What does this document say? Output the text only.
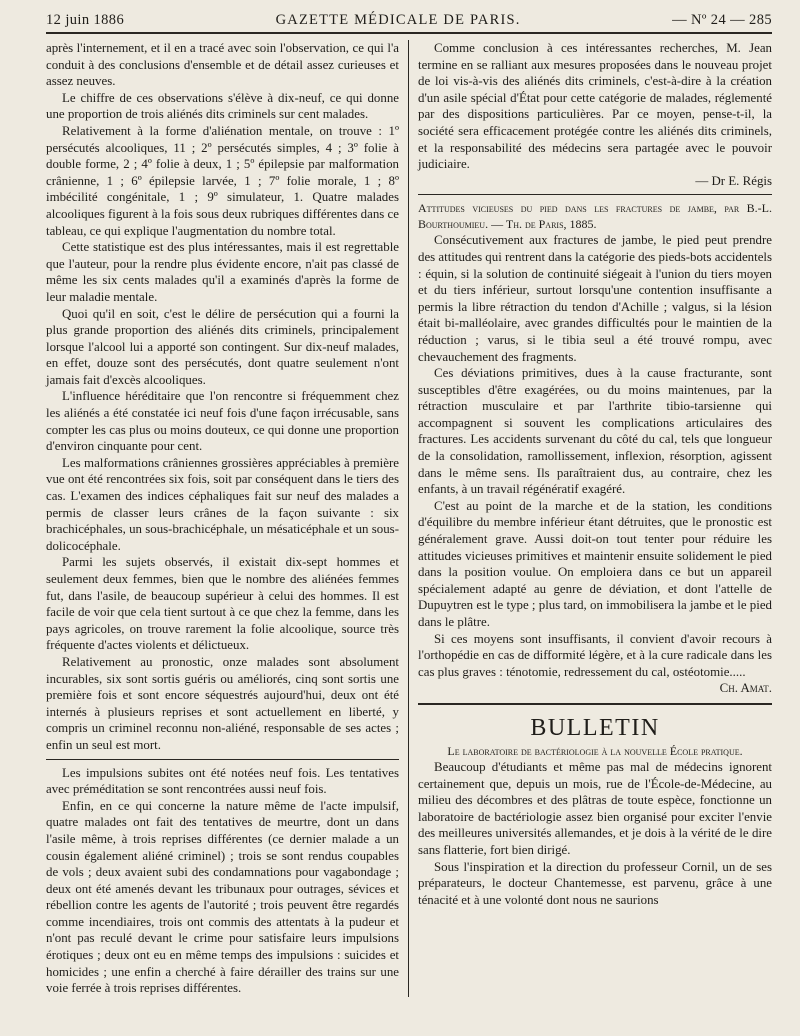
12 juin 1886	GAZETTE MÉDICALE DE PARIS.	— Nº 24 — 285

après l'internement, et il en a tracé avec soin l'observation, ce qui l'a conduit à des conclusions d'ensemble et de détail assez curieuses et assez neuves.

Le chiffre de ces observations s'élève à dix-neuf, ce qui donne une proportion de trois aliénés dits criminels sur cent malades.

Relativement à la forme d'aliénation mentale, on trouve : 1º persécutés alcooliques, 11 ; 2º persécutés simples, 4 ; 3º folie à double forme, 2 ; 4º folie à deux, 1 ; 5º épilepsie par malformation crânienne, 1 ; 6º épilepsie larvée, 1 ; 7º folie morale, 1 ; 8º imbécilité congénitale, 1 ; 9º simulateur, 1. Quatre malades alcooliques figurent à la fois sous deux rubriques différentes dans ce tableau, ce qui explique l'augmentation du nombre total.

Cette statistique est des plus intéressantes, mais il est regrettable que l'auteur, pour la rendre plus évidente encore, n'ait pas classé de même les six cents malades qu'il a examinés d'après la forme de leur maladie mentale.

Quoi qu'il en soit, c'est le délire de persécution qui a fourni la plus grande proportion des aliénés dits criminels, principalement lorsque l'alcool lui a apporté son contingent. Sur dix-neuf malades, en effet, douze sont des persécutés, dont quatre seulement n'ont jamais fait d'excès alcooliques.

L'influence héréditaire que l'on rencontre si fréquemment chez les aliénés a été constatée ici neuf fois d'une façon irrécusable, sans compter les cas plus ou moins douteux, ce qui donne une proportion d'environ cinquante pour cent.

Les malformations crâniennes grossières appréciables à première vue ont été rencontrées six fois, soit par conséquent dans le tiers des cas. L'examen des indices céphaliques fait sur neuf des malades a permis de classer leurs crânes de la façon suivante : six brachicéphales, un sous-brachicéphale, un mésaticéphale et un sous-dolicocéphale.

Parmi les sujets observés, il existait dix-sept hommes et seulement deux femmes, bien que le nombre des aliénées femmes fut, dans l'asile, de beaucoup supérieur à celui des hommes. Il est facile de voir que cela tient surtout à ce que chez la femme, dans les pays agricoles, on trouve rarement la folie alcoolique, source très fréquente d'actes violents et délictueux.

Relativement au pronostic, onze malades sont absolument incurables, six sont sortis guéris ou améliorés, cinq sont sortis une première fois et sont encore séquestrés aujourd'hui, deux ont été internés à plusieurs reprises et sont actuellement en liberté, y compris un criminel reconnu non-aliéné, responsable de ses actes ; enfin un seul est mort.

Les impulsions subites ont été notées neuf fois. Les tentatives avec préméditation se sont rencontrées aussi neuf fois.

Enfin, en ce qui concerne la nature même de l'acte impulsif, quatre malades ont fait des tentatives de meurtre, dont un dans l'asile même, à trois reprises différentes (ce dernier malade a un cousin également aliéné criminel) ; trois se sont rendus coupables de vols ; deux avaient subi des condamnations pour vagabondage ; deux ont été amenés devant les tribunaux pour outrages, sévices et rébellion contre les agents de l'autorité ; trois peuvent être regardés comme incendiaires, trois ont commis des attentats à la pudeur et n'ont pas reculé devant le crime pour satisfaire leurs impulsions érotiques ; deux ont eu en même temps des impulsions : suicides et homicides ; une enfin a cherché à faire dérailler des trains sur une voie ferrée à trois reprises différentes.

Comme conclusion à ces intéressantes recherches, M. Jean termine en se ralliant aux mesures proposées dans le nouveau projet de loi vis-à-vis des aliénés dits criminels, c'est-à-dire à la création d'un asile spécial d'État pour cette catégorie de malades, réglementé par des dispositions particulières. Par ce moyen, pense-t-il, la société sera efficacement protégée contre les aliénés dits criminels, et la responsabilité des médecins sera partagée avec le pouvoir judiciaire.

— Dr E. Régis

Attitudes vicieuses du pied dans les fractures de jambe, par B.-L. Bourthoumieu. — Th. de Paris, 1885.

Consécutivement aux fractures de jambe, le pied peut prendre des attitudes qui rentrent dans la catégorie des pieds-bots accidentels : équin, si la solution de continuité siégeait à l'union du tiers moyen et du tiers inférieur, surtout lorsqu'une contention insuffisante a permis la libre rétraction du tendon d'Achille ; valgus, si la lésion était bi-malléolaire, avec grandes difficultés pour le maintien de la réduction ; varus, si le tibia seul a été trouvé rompu, avec chevauchement des fragments.

Ces déviations primitives, dues à la cause fracturante, sont susceptibles d'être exagérées, ou du moins maintenues, par la rétraction musculaire et par l'arthrite tibio-tarsienne qui accompagnent si souvent les complications articulaires des fractures. Les accidents survenant du côté du cal, tels que longueur de la consolidation, ramollissement, inflexion, résorption, agissent dans le même sens. Ils paraîtraient dus, au contraire, chez les enfants, à un travail régénératif exagéré.

C'est au point de la marche et de la station, les conditions d'équilibre du membre inférieur étant détruites, que le pronostic est généralement grave. Aussi doit-on tout tenter pour réduire les attitudes vicieuses primitives et maintenir ensuite solidement le pied dans la position voulue. On emploiera dans ce but un appareil spécialement adapté au genre de déviation, et dont l'attelle de Dupuytren est le type ; plus tard, on immobilisera la jambe et le pied dans le plâtre.

Si ces moyens sont insuffisants, il convient d'avoir recours à l'orthopédie en cas de difformité légère, et à la cure radicale dans les cas plus graves : ténotomie, redressement du cal, ostéotomie.....

Ch. Amat.

BULLETIN

Le laboratoire de bactériologie à la nouvelle École pratique.

Beaucoup d'étudiants et même pas mal de médecins ignorent certainement que, depuis un mois, rue de l'École-de-Médecine, au milieu des décombres et des plâtras de toute espèce, fonctionne un laboratoire de bactériologie assez bien organisé pour exciter l'envie des meilleures universités allemandes, et je dois à la vérité de le dire sans flatterie, fort bien dirigé.

Sous l'inspiration et la direction du professeur Cornil, un de ses préparateurs, le docteur Chantemesse, est parvenu, grâce à une ténacité et à une volonté dont nous ne saurions
